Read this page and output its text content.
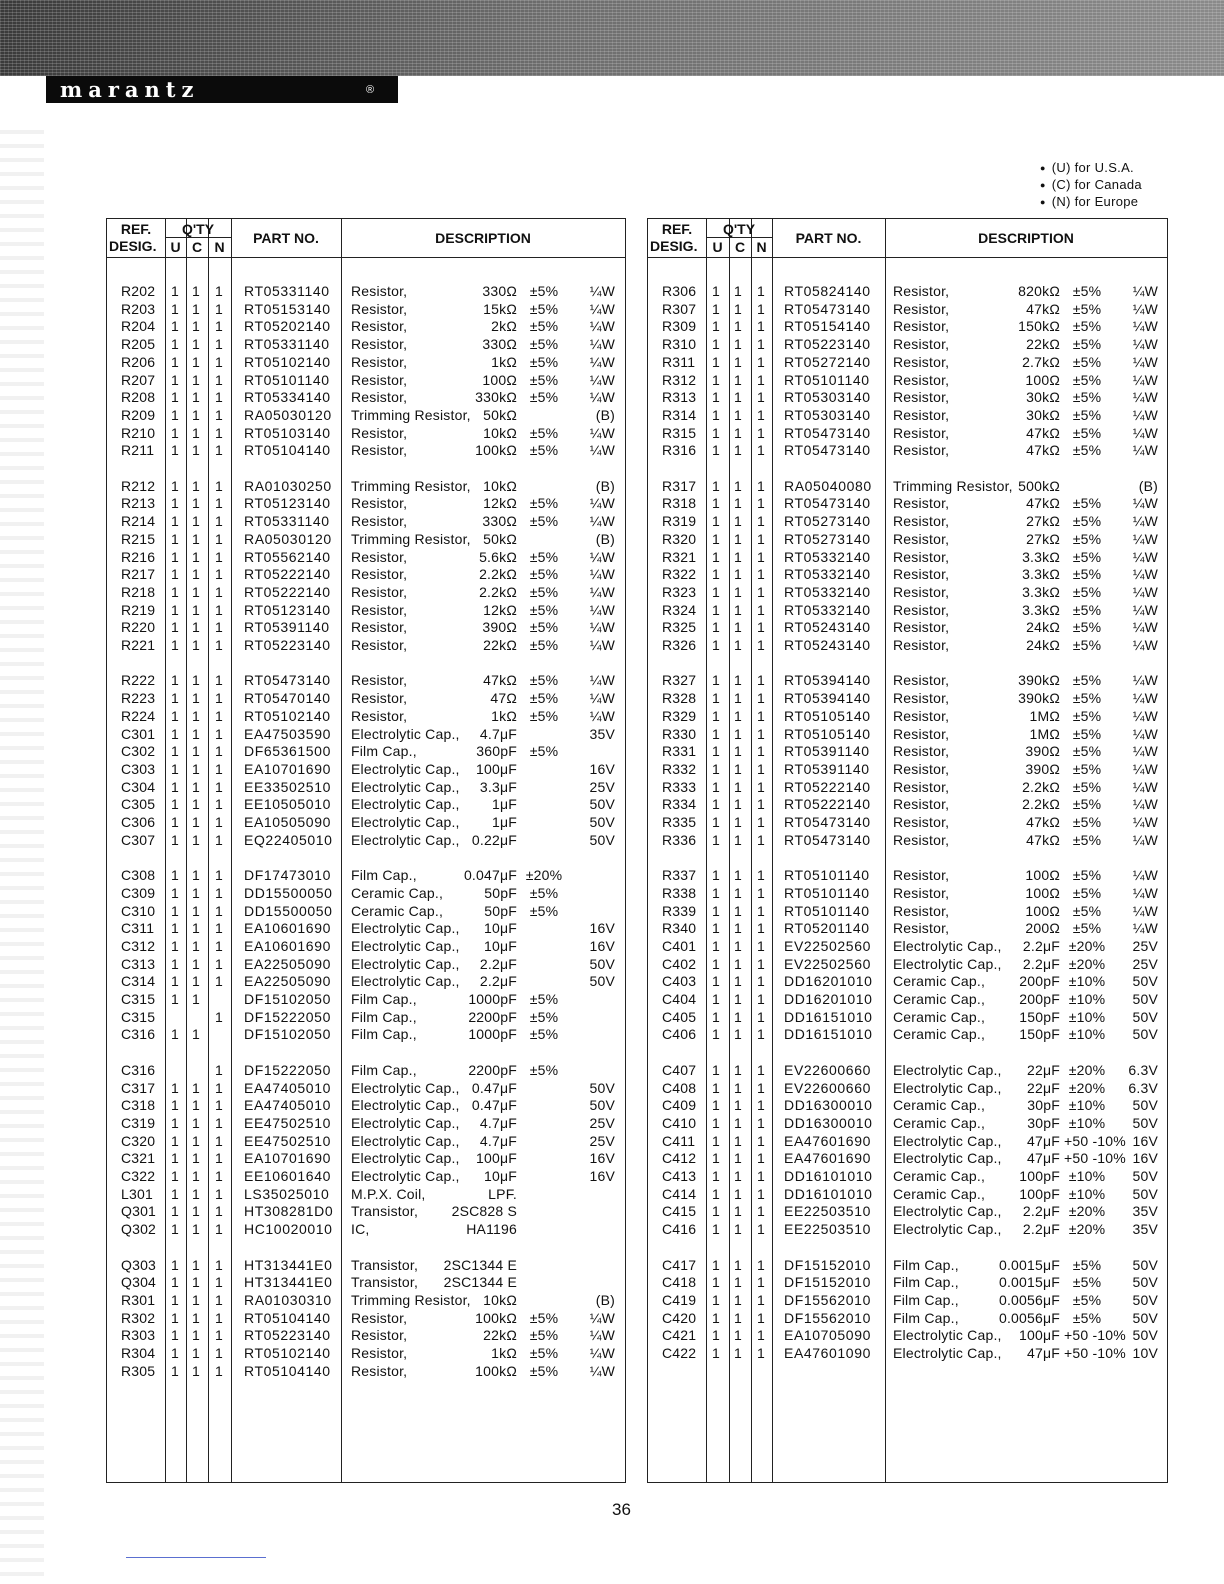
marantz	®
● (U) for U.S.A.
● (C) for Canada
● (N) for Europe
REF.
DESIG.
Q'TY
U C N
PART NO.	DESCRIPTION
R202 1 1 1 RT05331140 Resistor,	330Ω ±5%	¼W
R203 1 1 1 RT05153140 Resistor,	15kΩ ±5%	¼W
R204 1 1 1 RT05202140 Resistor,	2kΩ ±5%	¼W
R205 1 1 1 RT05331140 Resistor,	330Ω ±5%	¼W
R206 1 1 1 RT05102140 Resistor,	1kΩ ±5%	¼W
R207 1 1 1 RT05101140 Resistor,	100Ω ±5%	¼W
R208 1 1 1 RT05334140 Resistor,	330kΩ ±5%	¼W
R209 1 1 1 RA05030120 Trimming Resistor, 50kΩ	(B)
R210 1 1 1 RT05103140 Resistor,	10kΩ ±5%	¼W
R211 1 1 1 RT05104140 Resistor,	100kΩ ±5%	¼W
R212 1 1 1 RA01030250 Trimming Resistor, 10kΩ	(B)
R213 1 1 1 RT05123140 Resistor,	12kΩ ±5%	¼W
R214 1 1 1 RT05331140 Resistor,	330Ω ±5%	¼W
R215 1 1 1 RA05030120 Trimming Resistor, 50kΩ	(B)
R216 1 1 1 RT05562140 Resistor,	5.6kΩ ±5%	¼W
R217 1 1 1 RT05222140 Resistor,	2.2kΩ ±5%	¼W
R218 1 1 1 RT05222140 Resistor,	2.2kΩ ±5%	¼W
R219 1 1 1 RT05123140 Resistor,	12kΩ ±5%	¼W
R220 1 1 1 RT05391140 Resistor,	390Ω ±5%	¼W
R221 1 1 1 RT05223140 Resistor,	22kΩ ±5%	¼W
R222 1 1 1 RT05473140 Resistor,	47kΩ ±5%	¼W
R223 1 1 1 RT05470140 Resistor,	47Ω ±5%	¼W
R224 1 1 1 RT05102140 Resistor,	1kΩ ±5%	¼W
C301 1 1 1 EA47503590 Electrolytic Cap.,	4.7μF	35V
C302 1 1 1 DF65361500 Film Cap.,	360pF ±5%
C303 1 1 1 EA10701690 Electrolytic Cap.,	100μF	16V
C304 1 1 1 EE33502510 Electrolytic Cap.,	3.3μF	25V
C305 1 1 1 EE10505010 Electrolytic Cap.,	1μF	50V
C306 1 1 1 EA10505090 Electrolytic Cap.,	1μF	50V
C307 1 1 1 EQ22405010 Electrolytic Cap., 0.22μF	50V
C308 1 1 1 DF17473010 Film Cap.,	0.047μF ±20%
C309 1 1 1 DD15500050 Ceramic Cap.,	50pF ±5%
C310 1 1 1 DD15500050 Ceramic Cap.,	50pF ±5%
C311 1 1 1 EA10601690 Electrolytic Cap.,	10μF	16V
C312 1 1 1 EA10601690 Electrolytic Cap.,	10μF	16V
C313 1 1 1 EA22505090 Electrolytic Cap.,	2.2μF	50V
C314 1 1 1 EA22505090 Electrolytic Cap.,	2.2μF	50V
C315 1 1	DF15102050 Film Cap.,	1000pF ±5%
C315	1 DF15222050 Film Cap.,	2200pF ±5%
C316 1 1	DF15102050 Film Cap.,	1000pF ±5%
C316	1 DF15222050 Film Cap.,	2200pF ±5%
C317 1 1 1 EA47405010 Electrolytic Cap., 0.47μF	50V
C318 1 1 1 EA47405010 Electrolytic Cap., 0.47μF	50V
C319 1 1 1 EE47502510 Electrolytic Cap.,	4.7μF	25V
C320 1 1 1 EE47502510 Electrolytic Cap.,	4.7μF	25V
C321 1 1 1 EA10701690 Electrolytic Cap.,	100μF	16V
C322 1 1 1 EE10601640 Electrolytic Cap.,	10μF	16V
L301 1 1 1 LS35025010 M.P.X. Coil,	LPF.
Q301 1 1 1 HT308281D0 Transistor,	2SC828 S
Q302 1 1 1 HC10020010 IC,	HA1196
Q303 1 1 1 HT313441E0 Transistor,	2SC1344 E
Q304 1 1 1 HT313441E0 Transistor,	2SC1344 E
R301 1 1 1 RA01030310 Trimming Resistor, 10kΩ	(B)
R302 1 1 1 RT05104140 Resistor,	100kΩ ±5%	¼W
R303 1 1 1 RT05223140 Resistor,	22kΩ ±5%	¼W
R304 1 1 1 RT05102140 Resistor,	1kΩ ±5%	¼W
R305 1 1 1 RT05104140 Resistor,	100kΩ ±5%	¼W
REF.
DESIG.
Q'TY
U C N
PART NO.	DESCRIPTION
R306 1 1 1 RT05824140 Resistor,	820kΩ ±5%	¼W
R307 1 1 1 RT05473140 Resistor,	47kΩ ±5%	¼W
R309 1 1 1 RT05154140 Resistor,	150kΩ ±5%	¼W
R310 1 1 1 RT05223140 Resistor,	22kΩ ±5%	¼W
R311 1 1 1 RT05272140 Resistor,	2.7kΩ ±5%	¼W
R312 1 1 1 RT05101140 Resistor,	100Ω ±5%	¼W
R313 1 1 1 RT05303140 Resistor,	30kΩ ±5%	¼W
R314 1 1 1 RT05303140 Resistor,	30kΩ ±5%	¼W
R315 1 1 1 RT05473140 Resistor,	47kΩ ±5%	¼W
R316 1 1 1 RT05473140 Resistor,	47kΩ ±5%	¼W
R317 1 1 1 RA05040080 Trimming Resistor, 500kΩ	(B)
R318 1 1 1 RT05473140 Resistor,	47kΩ ±5%	¼W
R319 1 1 1 RT05273140 Resistor,	27kΩ ±5%	¼W
R320 1 1 1 RT05273140 Resistor,	27kΩ ±5%	¼W
R321 1 1 1 RT05332140 Resistor,	3.3kΩ ±5%	¼W
R322 1 1 1 RT05332140 Resistor,	3.3kΩ ±5%	¼W
R323 1 1 1 RT05332140 Resistor,	3.3kΩ ±5%	¼W
R324 1 1 1 RT05332140 Resistor,	3.3kΩ ±5%	¼W
R325 1 1 1 RT05243140 Resistor,	24kΩ ±5%	¼W
R326 1 1 1 RT05243140 Resistor,	24kΩ ±5%	¼W
R327 1 1 1 RT05394140 Resistor,	390kΩ ±5%	¼W
R328 1 1 1 RT05394140 Resistor,	390kΩ ±5%	¼W
R329 1 1 1 RT05105140 Resistor,	1MΩ ±5%	¼W
R330 1 1 1 RT05105140 Resistor,	1MΩ ±5%	¼W
R331 1 1 1 RT05391140 Resistor,	390Ω ±5%	¼W
R332 1 1 1 RT05391140 Resistor,	390Ω ±5%	¼W
R333 1 1 1 RT05222140 Resistor,	2.2kΩ ±5%	¼W
R334 1 1 1 RT05222140 Resistor,	2.2kΩ ±5%	¼W
R335 1 1 1 RT05473140 Resistor,	47kΩ ±5%	¼W
R336 1 1 1 RT05473140 Resistor,	47kΩ ±5%	¼W
R337 1 1 1 RT05101140 Resistor,	100Ω ±5%	¼W
R338 1 1 1 RT05101140 Resistor,	100Ω ±5%	¼W
R339 1 1 1 RT05101140 Resistor,	100Ω ±5%	¼W
R340 1 1 1 RT05201140 Resistor,	200Ω ±5%	¼W
C401 1 1 1 EV22502560 Electrolytic Cap.,	2.2μF ±20%	25V
C402 1 1 1 EV22502560 Electrolytic Cap.,	2.2μF ±20%	25V
C403 1 1 1 DD16201010 Ceramic Cap.,	200pF ±10%	50V
C404 1 1 1 DD16201010 Ceramic Cap.,	200pF ±10%	50V
C405 1 1 1 DD16151010 Ceramic Cap.,	150pF ±10%	50V
C406 1 1 1 DD16151010 Ceramic Cap.,	150pF ±10%	50V
C407 1 1 1 EV22600660 Electrolytic Cap.,	22μF ±20%	6.3V
C408 1 1 1 EV22600660 Electrolytic Cap.,	22μF ±20%	6.3V
C409 1 1 1 DD16300010 Ceramic Cap.,	30pF ±10%	50V
C410 1 1 1 DD16300010 Ceramic Cap.,	30pF ±10%	50V
C411 1 1 1 EA47601690 Electrolytic Cap.,	47μF +50 -10% 16V
C412 1 1 1 EA47601690 Electrolytic Cap.,	47μF +50 -10% 16V
C413 1 1 1 DD16101010 Ceramic Cap.,	100pF ±10%	50V
C414 1 1 1 DD16101010 Ceramic Cap.,	100pF ±10%	50V
C415 1 1 1 EE22503510 Electrolytic Cap.,	2.2μF ±20%	35V
C416 1 1 1 EE22503510 Electrolytic Cap.,	2.2μF ±20%	35V
C417 1 1 1 DF15152010 Film Cap.,	0.0015μF ±5%	50V
C418 1 1 1 DF15152010 Film Cap.,	0.0015μF ±5%	50V
C419 1 1 1 DF15562010 Film Cap.,	0.0056μF ±5%	50V
C420 1 1 1 DF15562010 Film Cap.,	0.0056μF ±5%	50V
C421 1 1 1 EA10705090 Electrolytic Cap.,	100μF +50 -10% 50V
C422 1 1 1 EA47601090 Electrolytic Cap.,	47μF +50 -10% 10V
36
